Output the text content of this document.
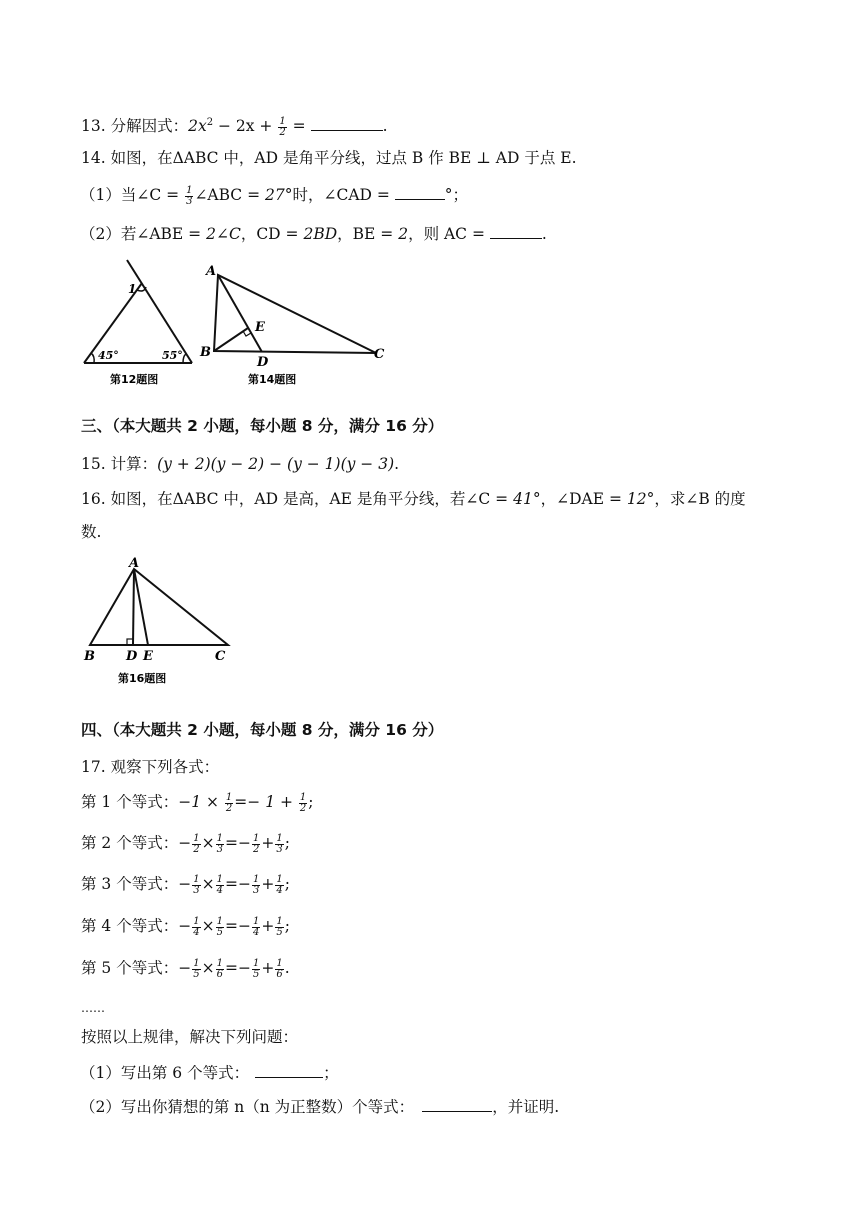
13. 分解因式：$2x^2 - 2x + \frac{1}{2}$ =	.
14. 如图，在ΔABC 中，AD 是角平分线，过点 B 作 BE ⊥ AD 于点 E.
（1）当∠C = $\frac{1}{3}$ ∠ABC = 27°时，∠CAD =	°；
（2）若∠ABE = 2∠C，CD = 2BD，BE = 2，则 AC =	.
1
45°	55°
第12题图
A
B	C
D
E
第14题图
三、（本大题共 2 小题，每小题 8 分，满分 16 分）
15. 计算：(y + 2)(y − 2) − (y − 1)(y − 3).
16. 如图，在ΔABC 中，AD 是高，AE 是角平分线，若∠C = 41°，∠DAE = 12°，求∠B 的度
数.
A
B D E	C
第16题图
四、（本大题共 2 小题，每小题 8 分，满分 16 分）
17. 观察下列各式：
第 1 个等式：$-1 \times \frac{1}{2} =- 1 + \frac{1}{2}$ ;
第 2 个等式：− $\frac{1}{2} \times \frac{1}{3} =- \frac{1}{2} + \frac{1}{3}$ ;
第 3 个等式：− $\frac{1}{3} \times \frac{1}{4} =- \frac{1}{3} + \frac{1}{4}$ ;
第 4 个等式：− $\frac{1}{4} \times \frac{1}{5} =- \frac{1}{4} + \frac{1}{5}$ ;
第 5 个等式：− $\frac{1}{5} \times \frac{1}{6} =- \frac{1}{5} + \frac{1}{6}$ .
……
按照以上规律，解决下列问题：
（1）写出第 6 个等式：	；
（2）写出你猜想的第 n（n 为正整数）个等式：	，并证明.
